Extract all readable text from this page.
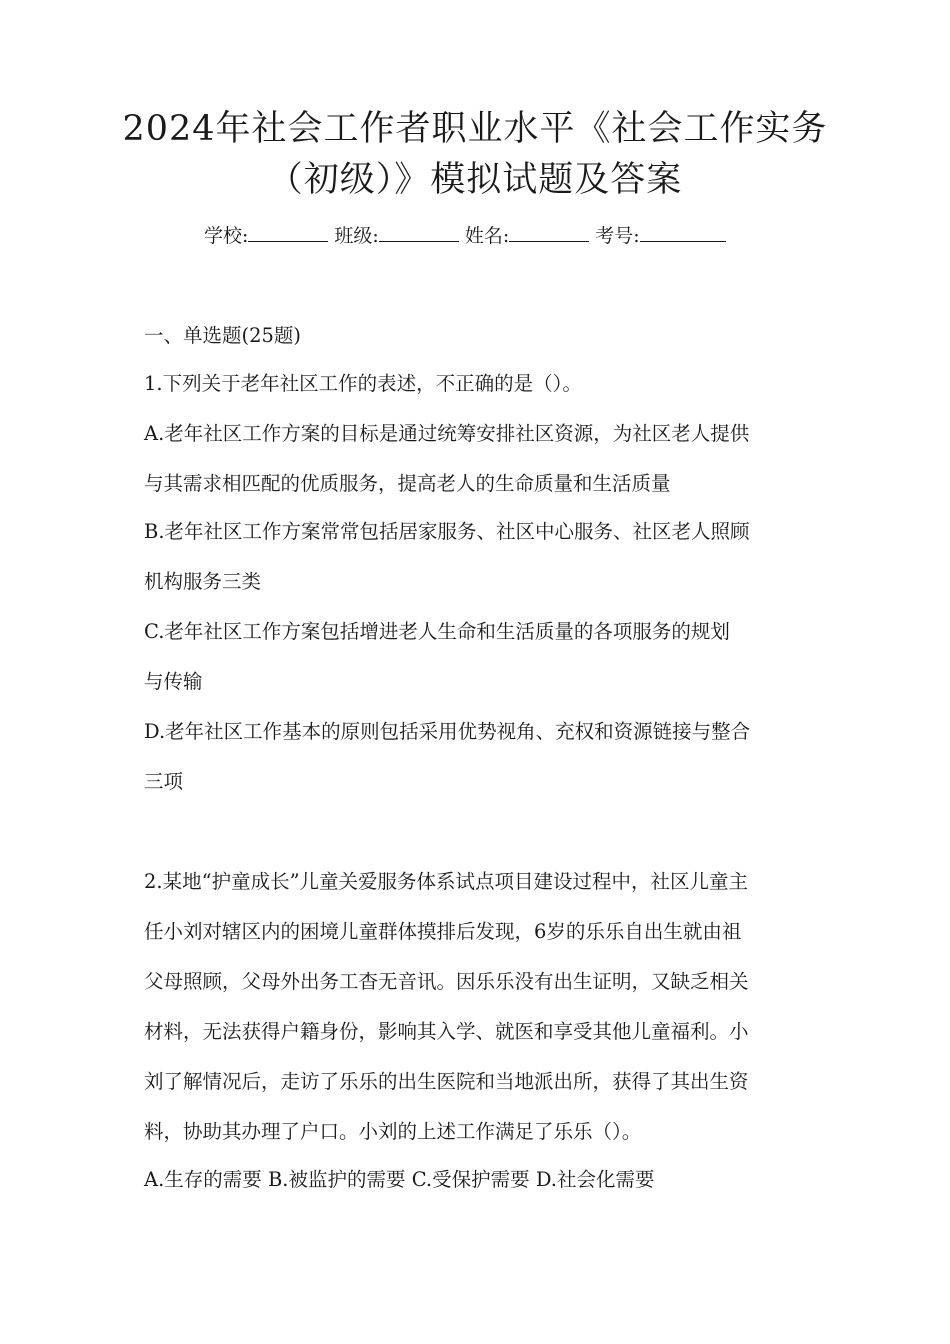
2024年社会工作者职业水平《社会工作实务
（初级）》模拟试题及答案
学校:	班级:	姓名:	考号:
一、单选题(25题)
1.下列关于老年社区工作的表述，不正确的是（）。
A.老年社区工作方案的目标是通过统筹安排社区资源，为社区老人提供
与其需求相匹配的优质服务，提高老人的生命质量和生活质量
B.老年社区工作方案常常包括居家服务、社区中心服务、社区老人照顾
机构服务三类
C.老年社区工作方案包括增进老人生命和生活质量的各项服务的规划
与传输
D.老年社区工作基本的原则包括采用优势视角、充权和资源链接与整合
三项
2.某地“护童成长”儿童关爱服务体系试点项目建设过程中，社区儿童主
任小刘对辖区内的困境儿童群体摸排后发现，6岁的乐乐自出生就由祖
父母照顾，父母外出务工杳无音讯。因乐乐没有出生证明，又缺乏相关
材料，无法获得户籍身份，影响其入学、就医和享受其他儿童福利。小
刘了解情况后，走访了乐乐的出生医院和当地派出所，获得了其出生资
料，协助其办理了户口。小刘的上述工作满足了乐乐（）。
A.生存的需要 B.被监护的需要 C.受保护需要 D.社会化需要
